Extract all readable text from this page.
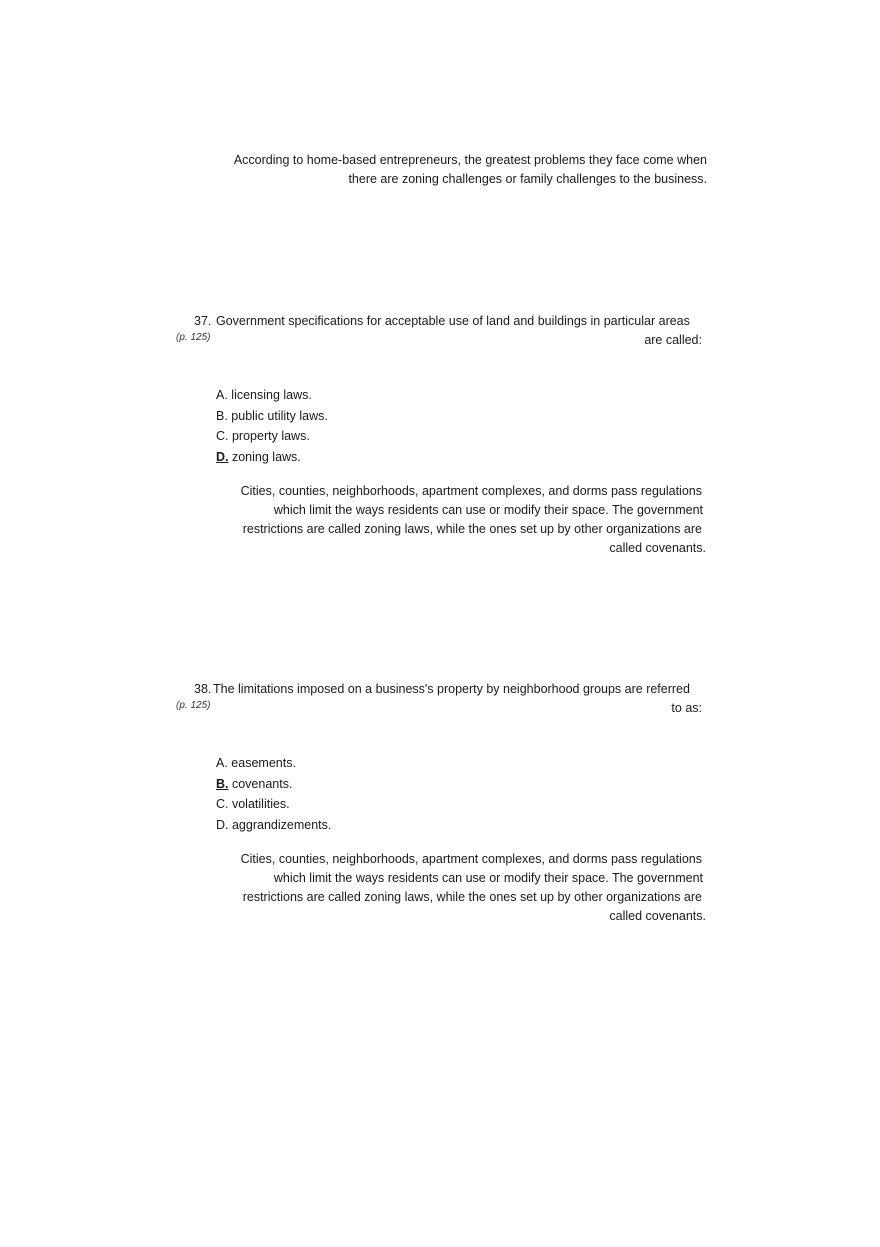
According to home-based entrepreneurs, the greatest problems they face come when
there are zoning challenges or family challenges to the business.
37. Government specifications for acceptable use of land and buildings in particular areas
are called:
(p. 125)
A. licensing laws.
B. public utility laws.
C. property laws.
D. zoning laws.
Cities, counties, neighborhoods, apartment complexes, and dorms pass regulations
which limit the ways residents can use or modify their space. The government
restrictions are called zoning laws, while the ones set up by other organizations are
called covenants.
38. The limitations imposed on a business's property by neighborhood groups are referred
to as:
(p. 125)
A. easements.
B. covenants.
C. volatilities.
D. aggrandizements.
Cities, counties, neighborhoods, apartment complexes, and dorms pass regulations
which limit the ways residents can use or modify their space. The government
restrictions are called zoning laws, while the ones set up by other organizations are
called covenants.
